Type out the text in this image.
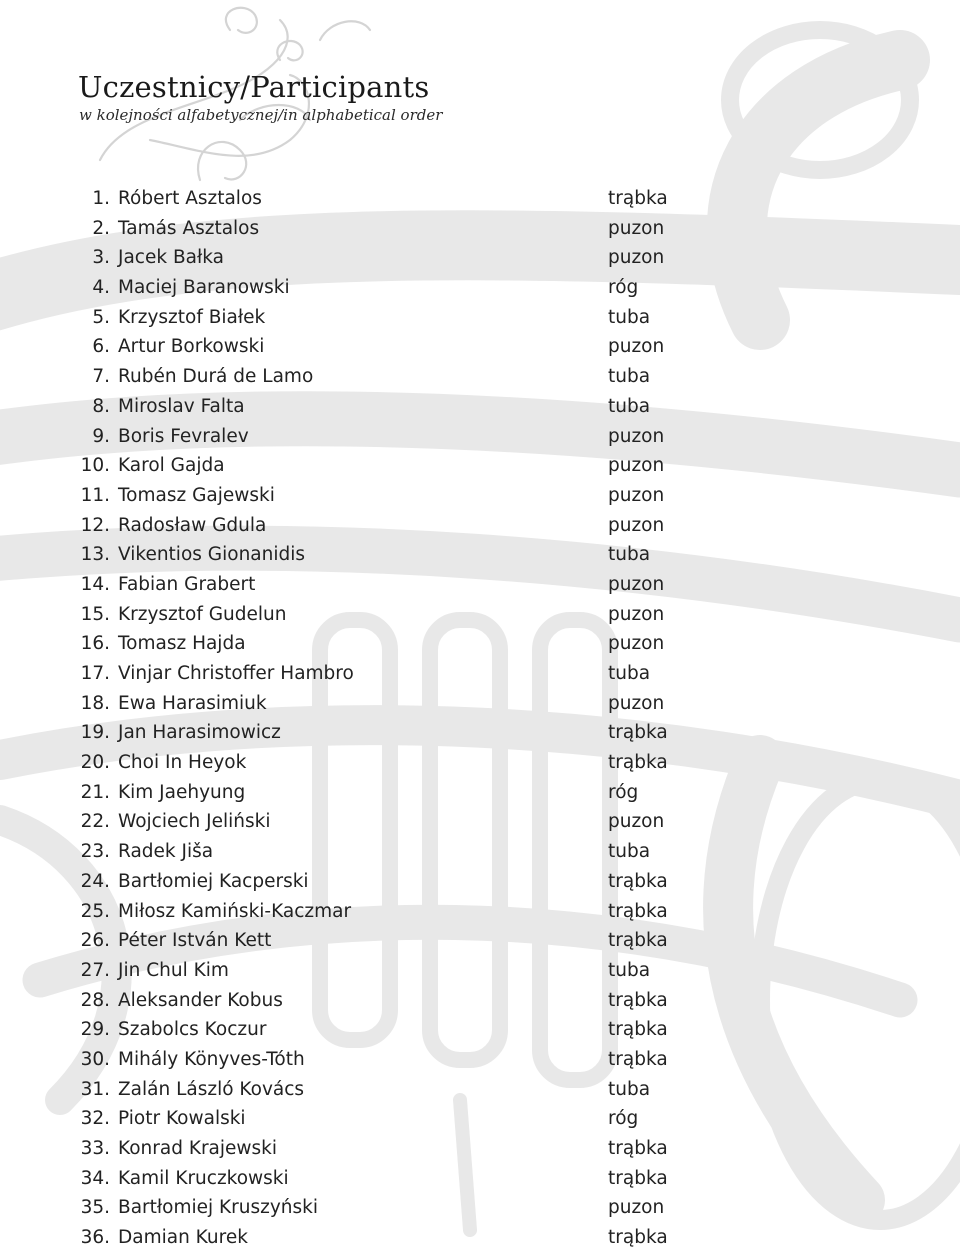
Uczestnicy/Participants

w kolejności alfabetycznej/in alphabetical order

1. Róbert Asztalos	trąbka
2. Tamás Asztalos	puzon
3. Jacek Bałka	puzon
4. Maciej Baranowski	róg
5. Krzysztof Białek	tuba
6. Artur Borkowski	puzon
7. Rubén Durá de Lamo	tuba
8. Miroslav Falta	tuba
9. Boris Fevralev	puzon
10. Karol Gajda	puzon
11. Tomasz Gajewski	puzon
12. Radosław Gdula	puzon
13. Vikentios Gionanidis	tuba
14. Fabian Grabert	puzon
15. Krzysztof Gudelun	puzon
16. Tomasz Hajda	puzon
17. Vinjar Christoffer Hambro	tuba
18. Ewa Harasimiuk	puzon
19. Jan Harasimowicz	trąbka
20. Choi In Heyok	trąbka
21. Kim Jaehyung	róg
22. Wojciech Jeliński	puzon
23. Radek Jiša	tuba
24. Bartłomiej Kacperski	trąbka
25. Miłosz Kamiński-Kaczmar	trąbka
26. Péter István Kett	trąbka
27. Jin Chul Kim	tuba
28. Aleksander Kobus	trąbka
29. Szabolcs Koczur	trąbka
30. Mihály Könyves-Tóth	trąbka
31. Zalán László Kovács	tuba
32. Piotr Kowalski	róg
33. Konrad Krajewski	trąbka
34. Kamil Kruczkowski	trąbka
35. Bartłomiej Kruszyński	puzon
36. Damian Kurek	trąbka
